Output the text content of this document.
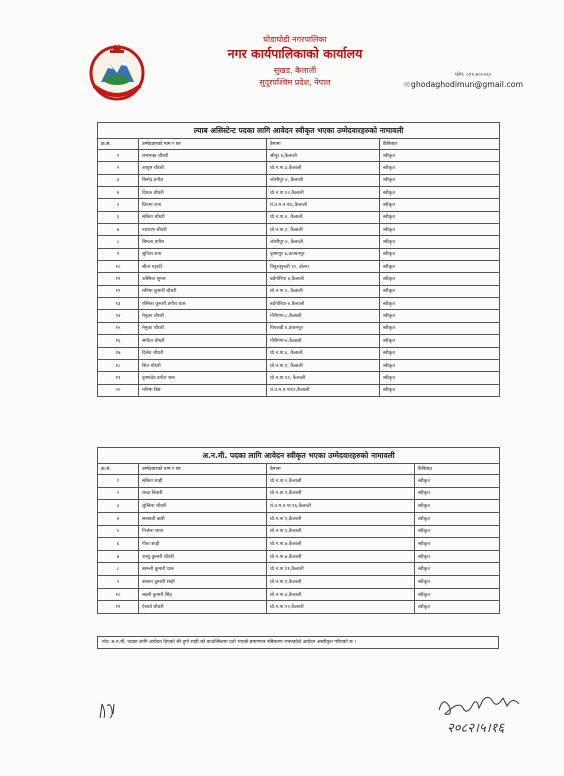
घोडाघोडी नगरपालिका
नगर कार्यपालिकाको कार्यालय
सुखड, कैलाली
सुदूरपश्चिम प्रदेश, नेपाल
फोन: ०९१-४०००६९
✉ghodaghodimun@gmail.com
ल्याब असिस्टेन्ट पदका लागि आवेदन स्वीकृत भएका उम्मेदवारहरुको नामावली			
क्र.सं.	उम्मेदवारको नाम र थर	ठेगाना	कैफियत
१	रामभक्त चौधरी	श्रीपुर ४,कैलाली	स्वीकृत
२	आयुष चौधरी	घो.न.पा.३,कैलाली	स्वीकृत
३	बिनोद डगौरा	जोशीपुर ४, कैलाली	स्वीकृत
४	दिपक चौधरी	घो.न.पा.१२,कैलाली	स्वीकृत
५	प्रिज्मा राना	धं.उ.म.न.पा८,कैलाली	स्वीकृत
६	सबिना चौधरी	घो.न.पा.४, कैलाली	स्वीकृत
७	नारायण चौधरी	घो.न.पा.२, कैलाली	स्वीकृत
८	बिमला डगौरा	जोशीपुर ४, कैलाली	स्वीकृत
९	सुनिता राना	कृष्णपुर ७,कञ्चनपुर	स्वीकृत
१०	सीता पहाडी	त्रिपुरासुन्दरी १०, डोल्पा	स्वीकृत
११	अस्मिता सुनार	बर्दगोरिया ४,कैलाली	स्वीकृत
१२	मनिषा कुमारी चौधरी	घो.न.पा.२, कैलाली	स्वीकृत
१३	रश्मिता कुमारी डगौरा थारु	बर्दगोरिया-४,कैलाली	स्वीकृत
१४	मेनुका चौधरी	गौरीगंगा-८,कैलाली	स्वीकृत
१५	मेनुका चौधरी	पिपलडी ४,कंचनपुर	स्वीकृत
१६	संगीता चौधरी	गौरीगंगा-४,कैलाली	स्वीकृत
१७	दिनेश चौधरी	घो.न.पा.६, कैलाली	स्वीकृत
१८	शिव चौधरी	घो.न.पा.१, कैलाली	स्वीकृत
१९	कृष्णदेव डगौरा थारु	घो.न.पा.१२, कैलाली	स्वीकृत
२०	मनिषा बिष्ट	धं.उ.म.न.पा१२,कैलाली	स्वीकृत
अ.न.मी. पदका लागि आवेदन स्वीकृत भएका उम्मेदवारहरुको नामावली			
क्र.सं.	उम्मेदवारको नाम र थर	ठेगाना	कैफियत
१	सबिना शाही	घो.न.पा.२,कैलाली	स्वीकृत
२	चन्दा तिवारी	घो.न.पा.२,कैलाली	स्वीकृत
३	लुम्बिना चौधरी	धं.उ.म.न.पा.१६,कैलाली	स्वीकृत
४	सरस्वती खत्री	घो.न.पा.१,कैलाली	स्वीकृत
५	निर्जला थापा	घो.न.पा.१,कैलाली	स्वीकृत
६	गीता शाही	घो.न.पा.७,कैलाली	स्वीकृत
७	आशु कुमारी चौधरी	घो.न.पा.७,कैलाली	स्वीकृत
८	बसन्ती कुमारी थारु	घो.न.पा.११,कैलाली	स्वीकृत
९	बासना कुमारी शाही	घो.न.पा.१,कैलाली	स्वीकृत
१०	लक्ष्मी कुमारी सिंह	घो.न.पा.४,कैलाली	स्वीकृत
११	ऐश्वर्य चौधरी	घो.न.पा.१२,कैलाली	स्वीकृत
नोटः अ.न.मी. पदका लागि आवेदन दिएको श्री दुर्गा शाही को काउन्सिलमा दर्ता भएको प्रमाणपत्र नबिकरण नभएकोले आवेदन अस्वीकृत गरिएको छ ।
२०८२।५।१६
